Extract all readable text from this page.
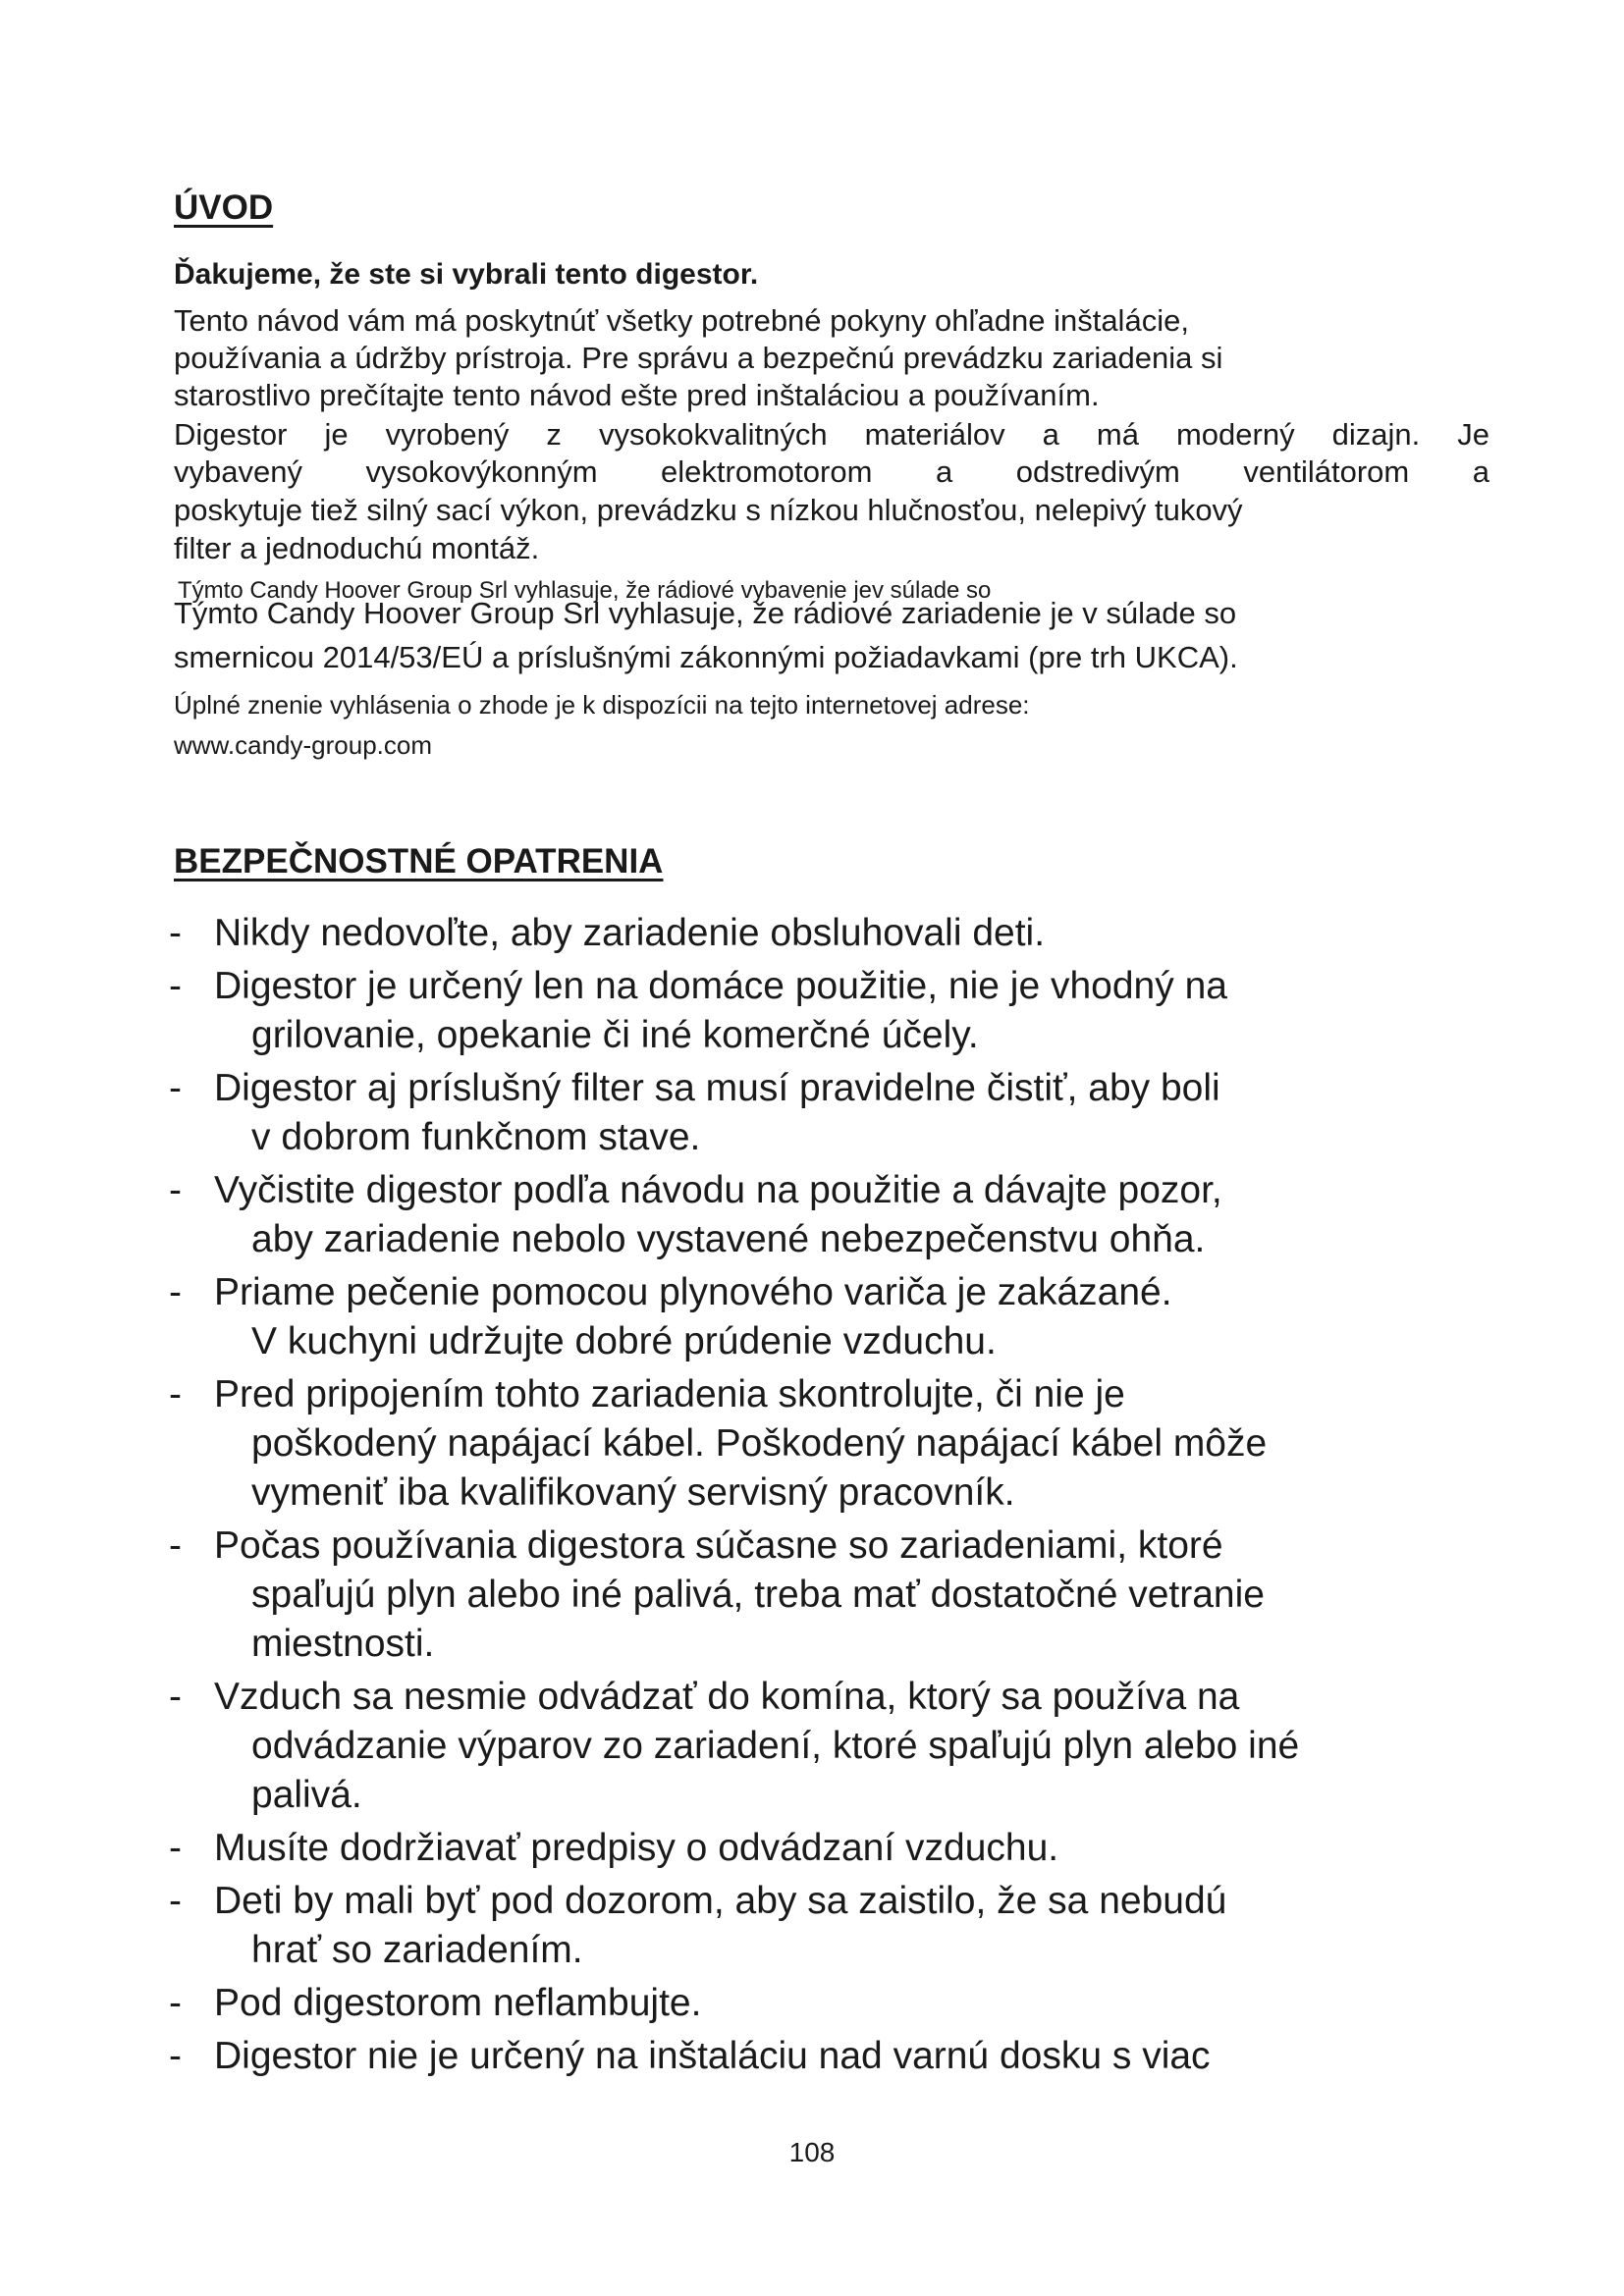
ÚVOD
Ďakujeme, že ste si vybrali tento digestor.
Tento návod vám má poskytnúť všetky potrebné pokyny ohľadne inštalácie,
používania a údržby prístroja. Pre správu a bezpečnú prevádzku zariadenia si
starostlivo prečítajte tento návod ešte pred inštaláciou a používaním.
Digestor je vyrobený z vysokokvalitných materiálov a má moderný dizajn. Je
vybavený vysokovýkonným elektromotorom a odstredivým ventilátorom a
poskytuje tiež silný sací výkon, prevádzku s nízkou hlučnosťou, nelepivý tukový
filter a jednoduchú montáž.
Týmto Candy Hoover Group Srl vyhlasuje, že rádiové vybavenie jev súlade so
Týmto Candy Hoover Group Srl vyhlasuje, že rádiové zariadenie je v súlade so
smernicou 2014/53/EÚ a príslušnými zákonnými požiadavkami (pre trh UKCA).
Úplné znenie vyhlásenia o zhode je k dispozícii na tejto internetovej adrese:
www.candy-group.com
BEZPEČNOSTNÉ OPATRENIA
- Nikdy nedovoľte, aby zariadenie obsluhovali deti.
- Digestor je určený len na domáce použitie, nie je vhodný na
grilovanie, opekanie či iné komerčné účely.
- Digestor aj príslušný filter sa musí pravidelne čistiť, aby boli
v dobrom funkčnom stave.
- Vyčistite digestor podľa návodu na použitie a dávajte pozor,
aby zariadenie nebolo vystavené nebezpečenstvu ohňa.
- Priame pečenie pomocou plynového variča je zakázané.
V kuchyni udržujte dobré prúdenie vzduchu.
- Pred pripojením tohto zariadenia skontrolujte, či nie je
poškodený napájací kábel. Poškodený napájací kábel môže
vymeniť iba kvalifikovaný servisný pracovník.
- Počas používania digestora súčasne so zariadeniami, ktoré
spaľujú plyn alebo iné palivá, treba mať dostatočné vetranie
miestnosti.
- Vzduch sa nesmie odvádzať do komína, ktorý sa používa na
odvádzanie výparov zo zariadení, ktoré spaľujú plyn alebo iné
palivá.
- Musíte dodržiavať predpisy o odvádzaní vzduchu.
- Deti by mali byť pod dozorom, aby sa zaistilo, že sa nebudú
hrať so zariadením.
- Pod digestorom neflambujte.
- Digestor nie je určený na inštaláciu nad varnú dosku s viac
108
